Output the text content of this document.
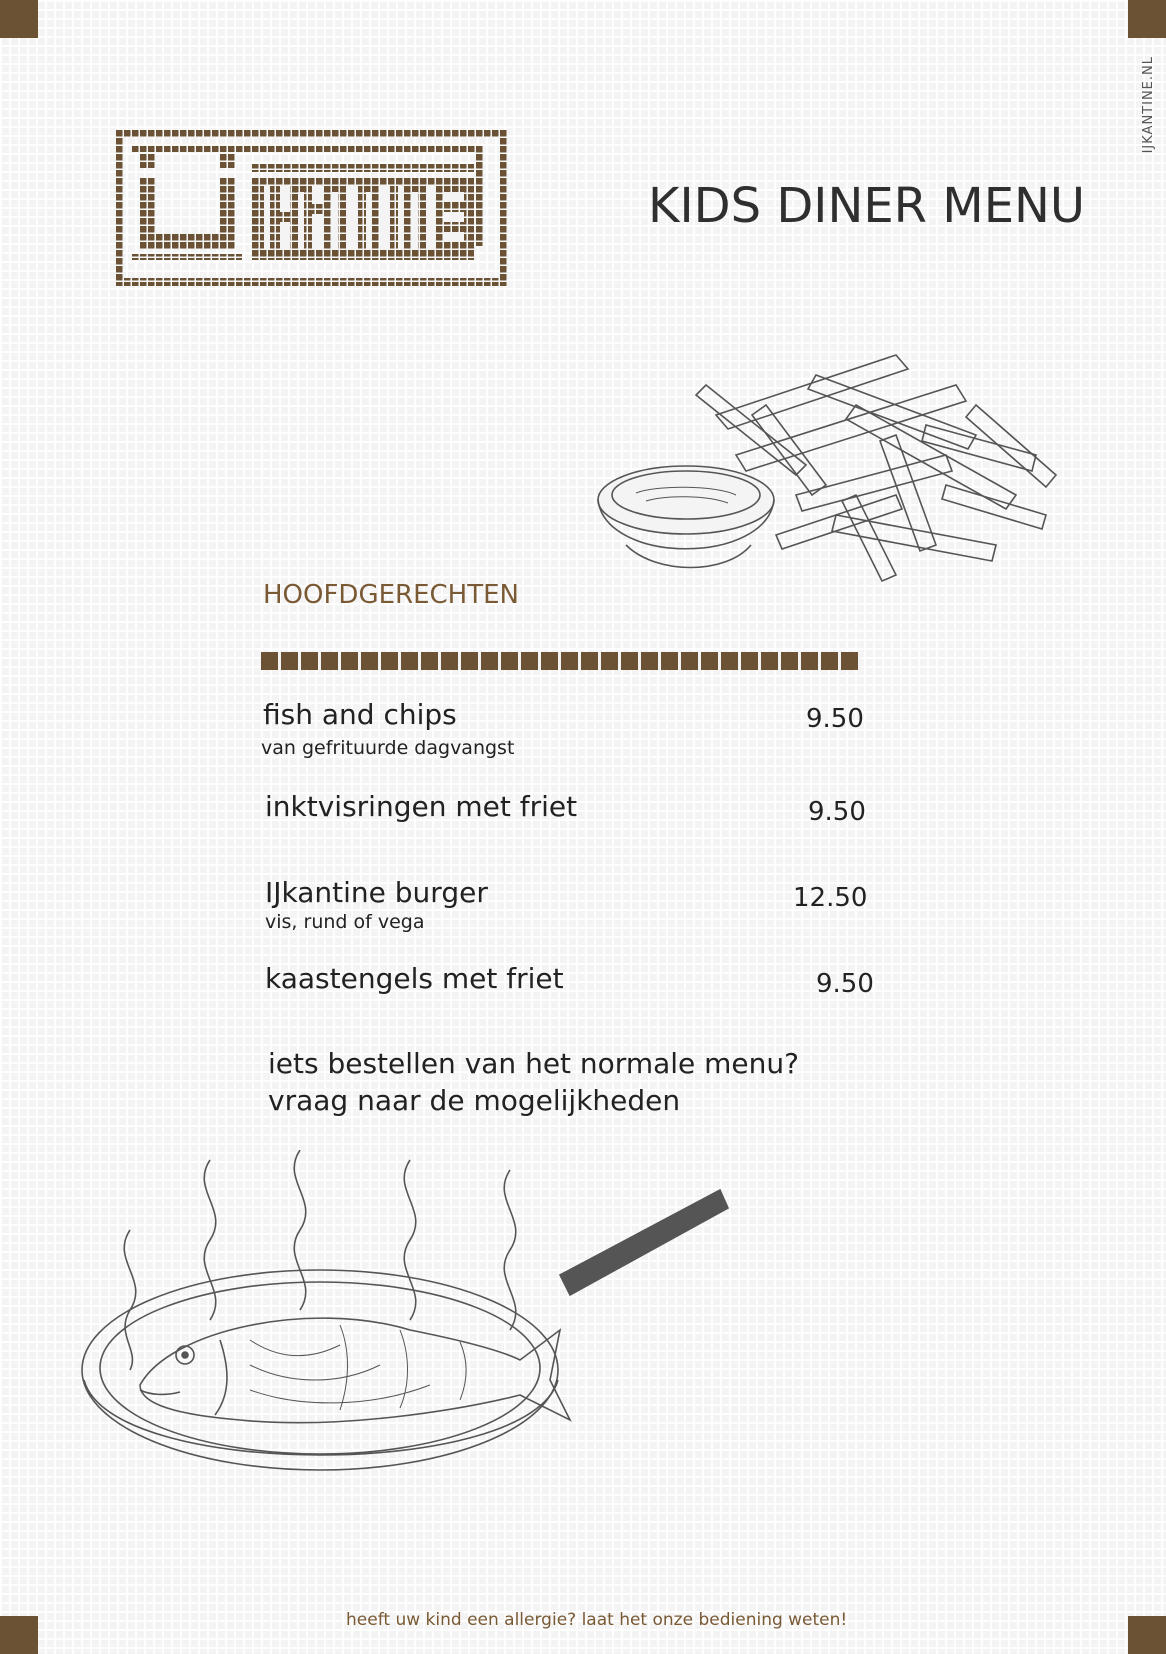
IJKANTINE.NL
KIDS DINER MENU
HOOFDGERECHTEN
fish and chips
van gefrituurde dagvangst
9.50
inktvisringen met friet	9.50
IJkantine burger
vis, rund of vega
12.50
kaastengels met friet	9.50
iets bestellen van het normale menu?
vraag naar de mogelijkheden
heeft uw kind een allergie? laat het onze bediening weten!
